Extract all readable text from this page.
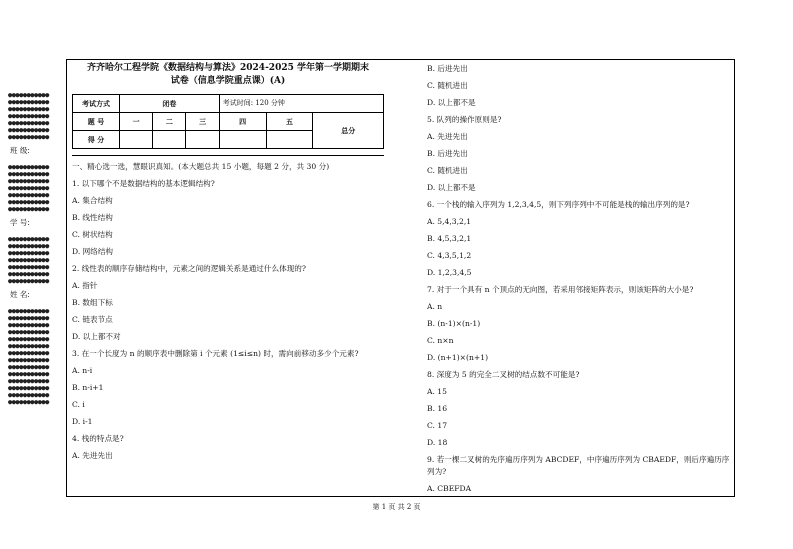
●●●●●●●●●●●
●●●●●●●●●●●
●●●●●●●●●●●
●●●●●●●●●●●
●●●●●●●●●●●
●●●●●●●●●●●
●●●●●●●●●●●
班 级:
●●●●●●●●●●●
●●●●●●●●●●●
●●●●●●●●●●●
●●●●●●●●●●●
●●●●●●●●●●●
●●●●●●●●●●●
●●●●●●●●●●●
学 号:
●●●●●●●●●●●
●●●●●●●●●●●
●●●●●●●●●●●
●●●●●●●●●●●
●●●●●●●●●●●
●●●●●●●●●●●
●●●●●●●●●●●
姓 名:
●●●●●●●●●●●
●●●●●●●●●●●
●●●●●●●●●●●
●●●●●●●●●●●
●●●●●●●●●●●
●●●●●●●●●●●
●●●●●●●●●●●
●●●●●●●●●●●
●●●●●●●●●●●
●●●●●●●●●●●
●●●●●●●●●●●
●●●●●●●●●●●
●●●●●●●●●●●
●●●●●●●●●●●
齐齐哈尔工程学院《数据结构与算法》2024-2025 学年第一学期期末
试卷（信息学院重点课）(A)
考试方式	闭卷			考试时间: 120 分钟		
题 号	一	二	三	四	五	总分
得 分						
一、精心选一选，慧眼识真知。(本大题总共 15 小题，每题 2 分，共 30 分)
1. 以下哪个不是数据结构的基本逻辑结构?
A. 集合结构
B. 线性结构
C. 树状结构
D. 网络结构
2. 线性表的顺序存储结构中，元素之间的逻辑关系是通过什么体现的?
A. 指针
B. 数组下标
C. 链表节点
D. 以上都不对
3. 在一个长度为 n 的顺序表中删除第 i 个元素 (1≤i≤n) 时，需向前移动多少个元素?
A. n-i
B. n-i+1
C. i
D. i-1
4. 栈的特点是?
A. 先进先出
B. 后进先出
C. 随机进出
D. 以上都不是
5. 队列的操作原则是?
A. 先进先出
B. 后进先出
C. 随机进出
D. 以上都不是
6. 一个栈的输入序列为 1,2,3,4,5，则下列序列中不可能是栈的输出序列的是?
A. 5,4,3,2,1
B. 4,5,3,2,1
C. 4,3,5,1,2
D. 1,2,3,4,5
7. 对于一个具有 n 个顶点的无向图，若采用邻接矩阵表示，则该矩阵的大小是?
A. n
B. (n-1)×(n-1)
C. n×n
D. (n+1)×(n+1)
8. 深度为 5 的完全二叉树的结点数不可能是?
A. 15
B. 16
C. 17
D. 18
9. 若一棵二叉树的先序遍历序列为 ABCDEF，中序遍历序列为 CBAEDF，则后序遍历序列为?
A. CBEFDA
第 1 页 共 2 页
